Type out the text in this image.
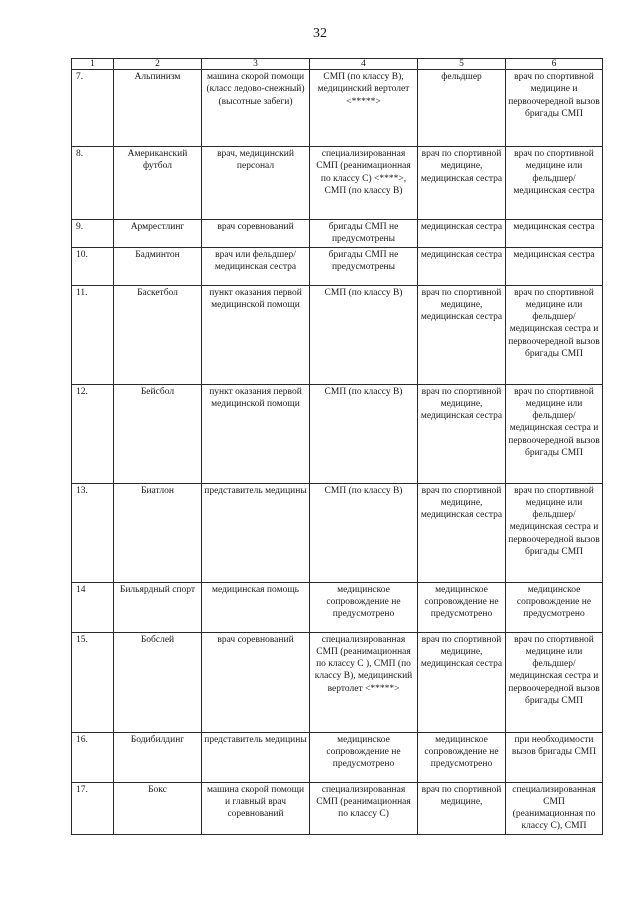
32
1	2	3	4	5	6
7.	Альпинизм	машина скорой помощи (класс ледово-снежный) (высотные забеги)	СМП (по классу В), медицинский вертолет <*****>	фельдшер	врач по спортивной медицине и первоочередной вызов бригады СМП
8.	Американский футбол	врач, медицинский персонал	специализированная СМП (реанимационная по классу С) <****>, СМП (по классу В)	врач по спортивной медицине, медицинская сестра	врач по спортивной медицине или фельдшер/медицинская сестра
9.	Армрестлинг	врач соревнований	бригады СМП не предусмотрены	медицинская сестра	медицинская сестра
10.	Бадминтон	врач или фельдшер/медицинская сестра	бригады СМП не предусмотрены	медицинская сестра	медицинская сестра
11.	Баскетбол	пункт оказания первой медицинской помощи	СМП (по классу В)	врач по спортивной медицине, медицинская сестра	врач по спортивной медицине или фельдшер/медицинская сестра и первоочередной вызов бригады СМП
12.	Бейсбол	пункт оказания первой медицинской помощи	СМП (по классу В)	врач по спортивной медицине, медицинская сестра	врач по спортивной медицине или фельдшер/медицинская сестра и первоочередной вызов бригады СМП
13.	Биатлон	представитель медицины	СМП (по классу В)	врач по спортивной медицине, медицинская сестра	врач по спортивной медицине или фельдшер/медицинская сестра и первоочередной вызов бригады СМП
14	Бильярдный спорт	медицинская помощь	медицинское сопровождение не предусмотрено	медицинское сопровождение не предусмотрено	медицинское сопровождение не предусмотрено
15.	Бобслей	врач соревнований	специализированная СМП (реанимационная по классу С ), СМП (по классу В), медицинский вертолет <*****>	врач по спортивной медицине, медицинская сестра	врач по спортивной медицине или фельдшер/медицинская сестра и первоочередной вызов бригады СМП
16.	Бодибилдинг	представитель медицины	медицинское сопровождение не предусмотрено	медицинское сопровождение не предусмотрено	при необходимости вызов бригады СМП
17.	Бокс	машина скорой помощи и главный врач соревнований	специализированная СМП (реанимационная по классу С)	врач по спортивной медицине,	специализированная СМП (реанимационная по классу С), СМП
